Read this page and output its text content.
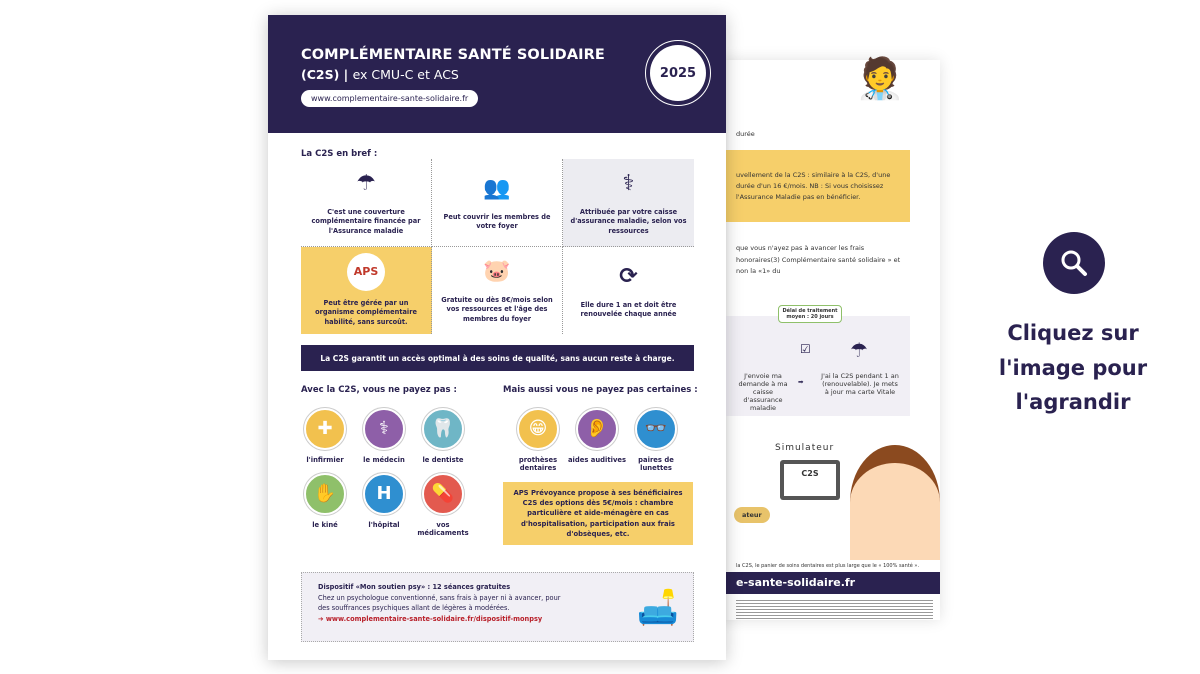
durée
uvellement de la C2S : similaire à la C2S, d'une durée d'un 16 €/mois. NB : Si vous choisissez l'Assurance Maladie pas en bénéficier.
que vous n'ayez pas à avancer les frais honoraires(3) Complémentaire santé solidaire » et non la «1» du
Délai de traitement moyen : 20 jours
☑ ☂
J'envoie ma demande à ma caisse d'assurance maladie
➡
J'ai la C2S pendant 1 an (renouvelable). Je mets à jour ma carte Vitale
Simulateur
C2S
ateur
la C2S, le panier de soins dentaires est plus large que le « 100% santé ».
e-sante-solidaire.fr
🧑‍⚕️
COMPLÉMENTAIRE SANTÉ SOLIDAIRE
(C2S) | ex CMU-C et ACS
www.complementaire-sante-solidaire.fr
2025
La C2S en bref :
☂
C'est une couverture complémentaire financée par l'Assurance maladie
👥
Peut couvrir les membres de votre foyer
⚕
Attribuée par votre caisse d'assurance maladie, selon vos ressources
APS
Peut être gérée par un organisme complémentaire habilité, sans surcoût.
🐷
Gratuite ou dès 8€/mois selon vos ressources et l'âge des membres du foyer
⟳
Elle dure 1 an et doit être renouvelée chaque année
La C2S garantit un accès optimal à des soins de qualité, sans aucun reste à charge.
Avec la C2S, vous ne payez pas :	Mais aussi vous ne payez pas certaines :
✚
l'infirmier
⚕
le médecin
🦷
le dentiste
✋
le kiné
H
l'hôpital
💊
vos médicaments
😁
prothèses dentaires
👂
aides auditives
👓
paires de lunettes
APS Prévoyance propose à ses bénéficiaires C2S des options dès 5€/mois : chambre particulière et aide-ménagère en cas d'hospitalisation, participation aux frais d'obsèques, etc.
Dispositif «Mon soutien psy» : 12 séances gratuites
Chez un psychologue conventionné, sans frais à payer ni à avancer, pour des souffrances psychiques allant de légères à modérées.
➔ www.complementaire-sante-solidaire.fr/dispositif-monpsy	🛋️
Cliquez sur l'image pour l'agrandir
